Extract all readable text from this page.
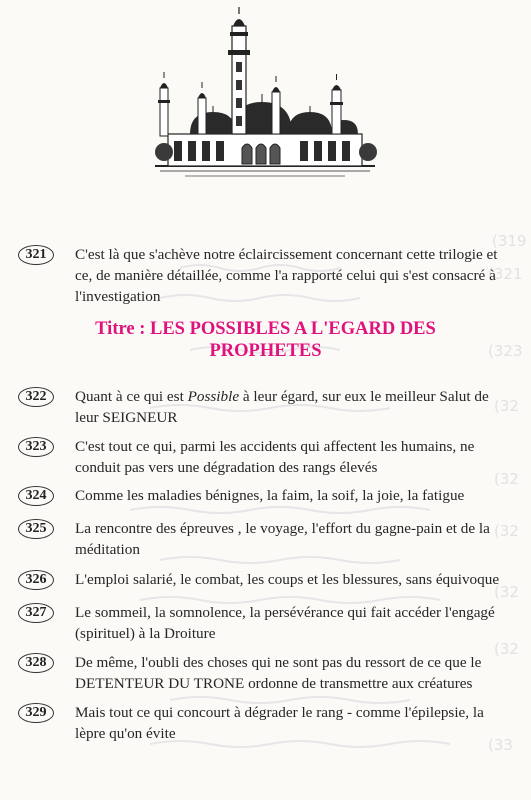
(319
(321
(323
(32
(32
(32
(32
(32
(33
321	C'est là que s'achève notre éclaircissement concernant cette trilogie et ce, de manière détaillée, comme l'a rapporté celui qui s'est consacré à l'investigation
Titre : LES POSSIBLES A L'EGARD DES
PROPHETES
322	Quant à ce qui est Possible à leur égard, sur eux le meilleur Salut de leur SEIGNEUR
323	C'est tout ce qui, parmi les accidents qui affectent les humains, ne conduit pas vers une dégradation des rangs élevés
324	Comme les maladies bénignes, la faim, la soif, la joie, la fatigue
325	La rencontre des épreuves , le voyage, l'effort du gagne-pain et de la méditation
326	L'emploi salarié, le combat, les coups et les blessures, sans équivoque
327	Le sommeil, la somnolence, la persévérance qui fait accéder l'engagé (spirituel) à la Droiture
328	De même, l'oubli des choses qui ne sont pas du ressort de ce que le DETENTEUR DU TRONE ordonne de transmettre aux créatures
329	Mais tout ce qui concourt à dégrader le rang - comme l'épilepsie, la lèpre qu'on évite
